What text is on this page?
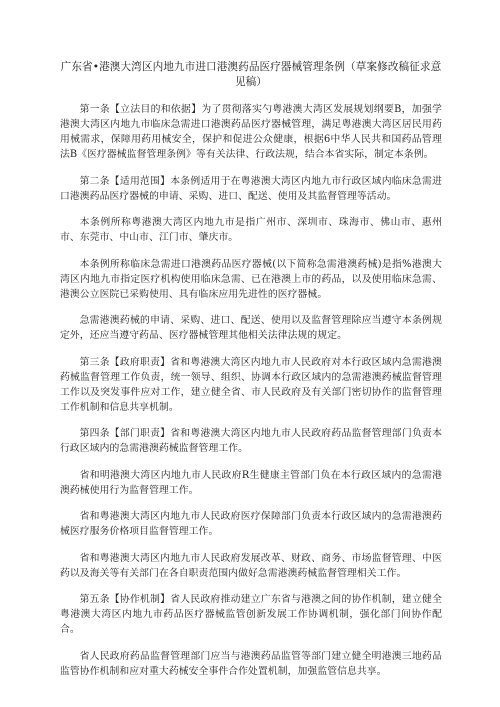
广东省•港澳大湾区内地九市进口港澳药品医疗器械管理条例（草案修改稿征求意见稿）

第一条【立法目的和依据】为了贯彻落实勺粤港澳大湾区发展规划纲要B，加强学港澳大湾区内地九市临床急需进口港澳药品医疗器械管理，满足粤港澳大湾区居民用药用械需求，保障用药用械安全，保护和促进公众健康，根据6中华人民共和国药品管理法B《医疗器械监督管理条例》等有关法律、行政法规，结合本省实际，制定本条例。

第二条【适用范围】本条例适用于在粤港澳大湾区内地九市行政区域内临床急需进口港澳药品医疗器械的申请、采购、进口、配送、使用及其监督管理等活动。

本条例所称粤港澳大湾区内地九市是指广州市、深圳市、珠海市、佛山市、惠州市、东莞市、中山市、江门市、肇庆市。

本条例所称临床急需进口港澳药品医疗器械(以下简称急需港澳药械)是指%港澳大湾区内地九市指定医疗机构使用临床急需、已在港澳上市的药品，以及使用临床急需、港澳公立医院已采购使用、具有临床应用先进性的医疗器械。

急需港澳药械的申请、采购、进口、配送、使用以及监督管理除应当遵守本条例规定外，还应当遵守药品、医疗器械管理其他相关法律法规的规定。

第三条【政府职责】省和粤港澳大湾区内地九市人民政府对本行政区域内急需港澳药械监督管理工作负责，统一领导、组织、协调本行政区域内的急需港澳药械监督管理工作以及突发事件应对工作，建立健全省、市人民政府及有关部门密切协作的监督管理工作机制和信息共享机制。

第四条【部门职责】省和粤港澳大湾区内地九市人民政府药品监督管理部门负责本行政区域内的急需港澳药械监督管理工作。

省和明港澳大湾区内地九市人民政府R生健康主管部门负在本行政区域内的急需港澳药械使用行为监督管理工作。

省和粤港澳大湾区内地九市人民政府医疗保障部门负责本行政区域内的急需港澳药械医疗服务价格项目监督管理工作。

省和粤港澳大湾区内地九市人民政府发展改革、财政、商务、市场监督管理、中医药以及海关等有关部门在各自职责范围内做好急需港澳药械监督管理相关工作。

第五条【协作机制】省人民政府推动建立广东省与港澳之间的协作机制，建立健全粤港澳大湾区内地九市药品医疗器械监管创新发展工作协调机制，强化部门间协作配合。

省人民政府药品监督管理部门应当与港澳药品监管等部门建立健全明港澳三地药品监管协作机制和应对重大药械安全事件合作处置机制，加强监管信息共享。
